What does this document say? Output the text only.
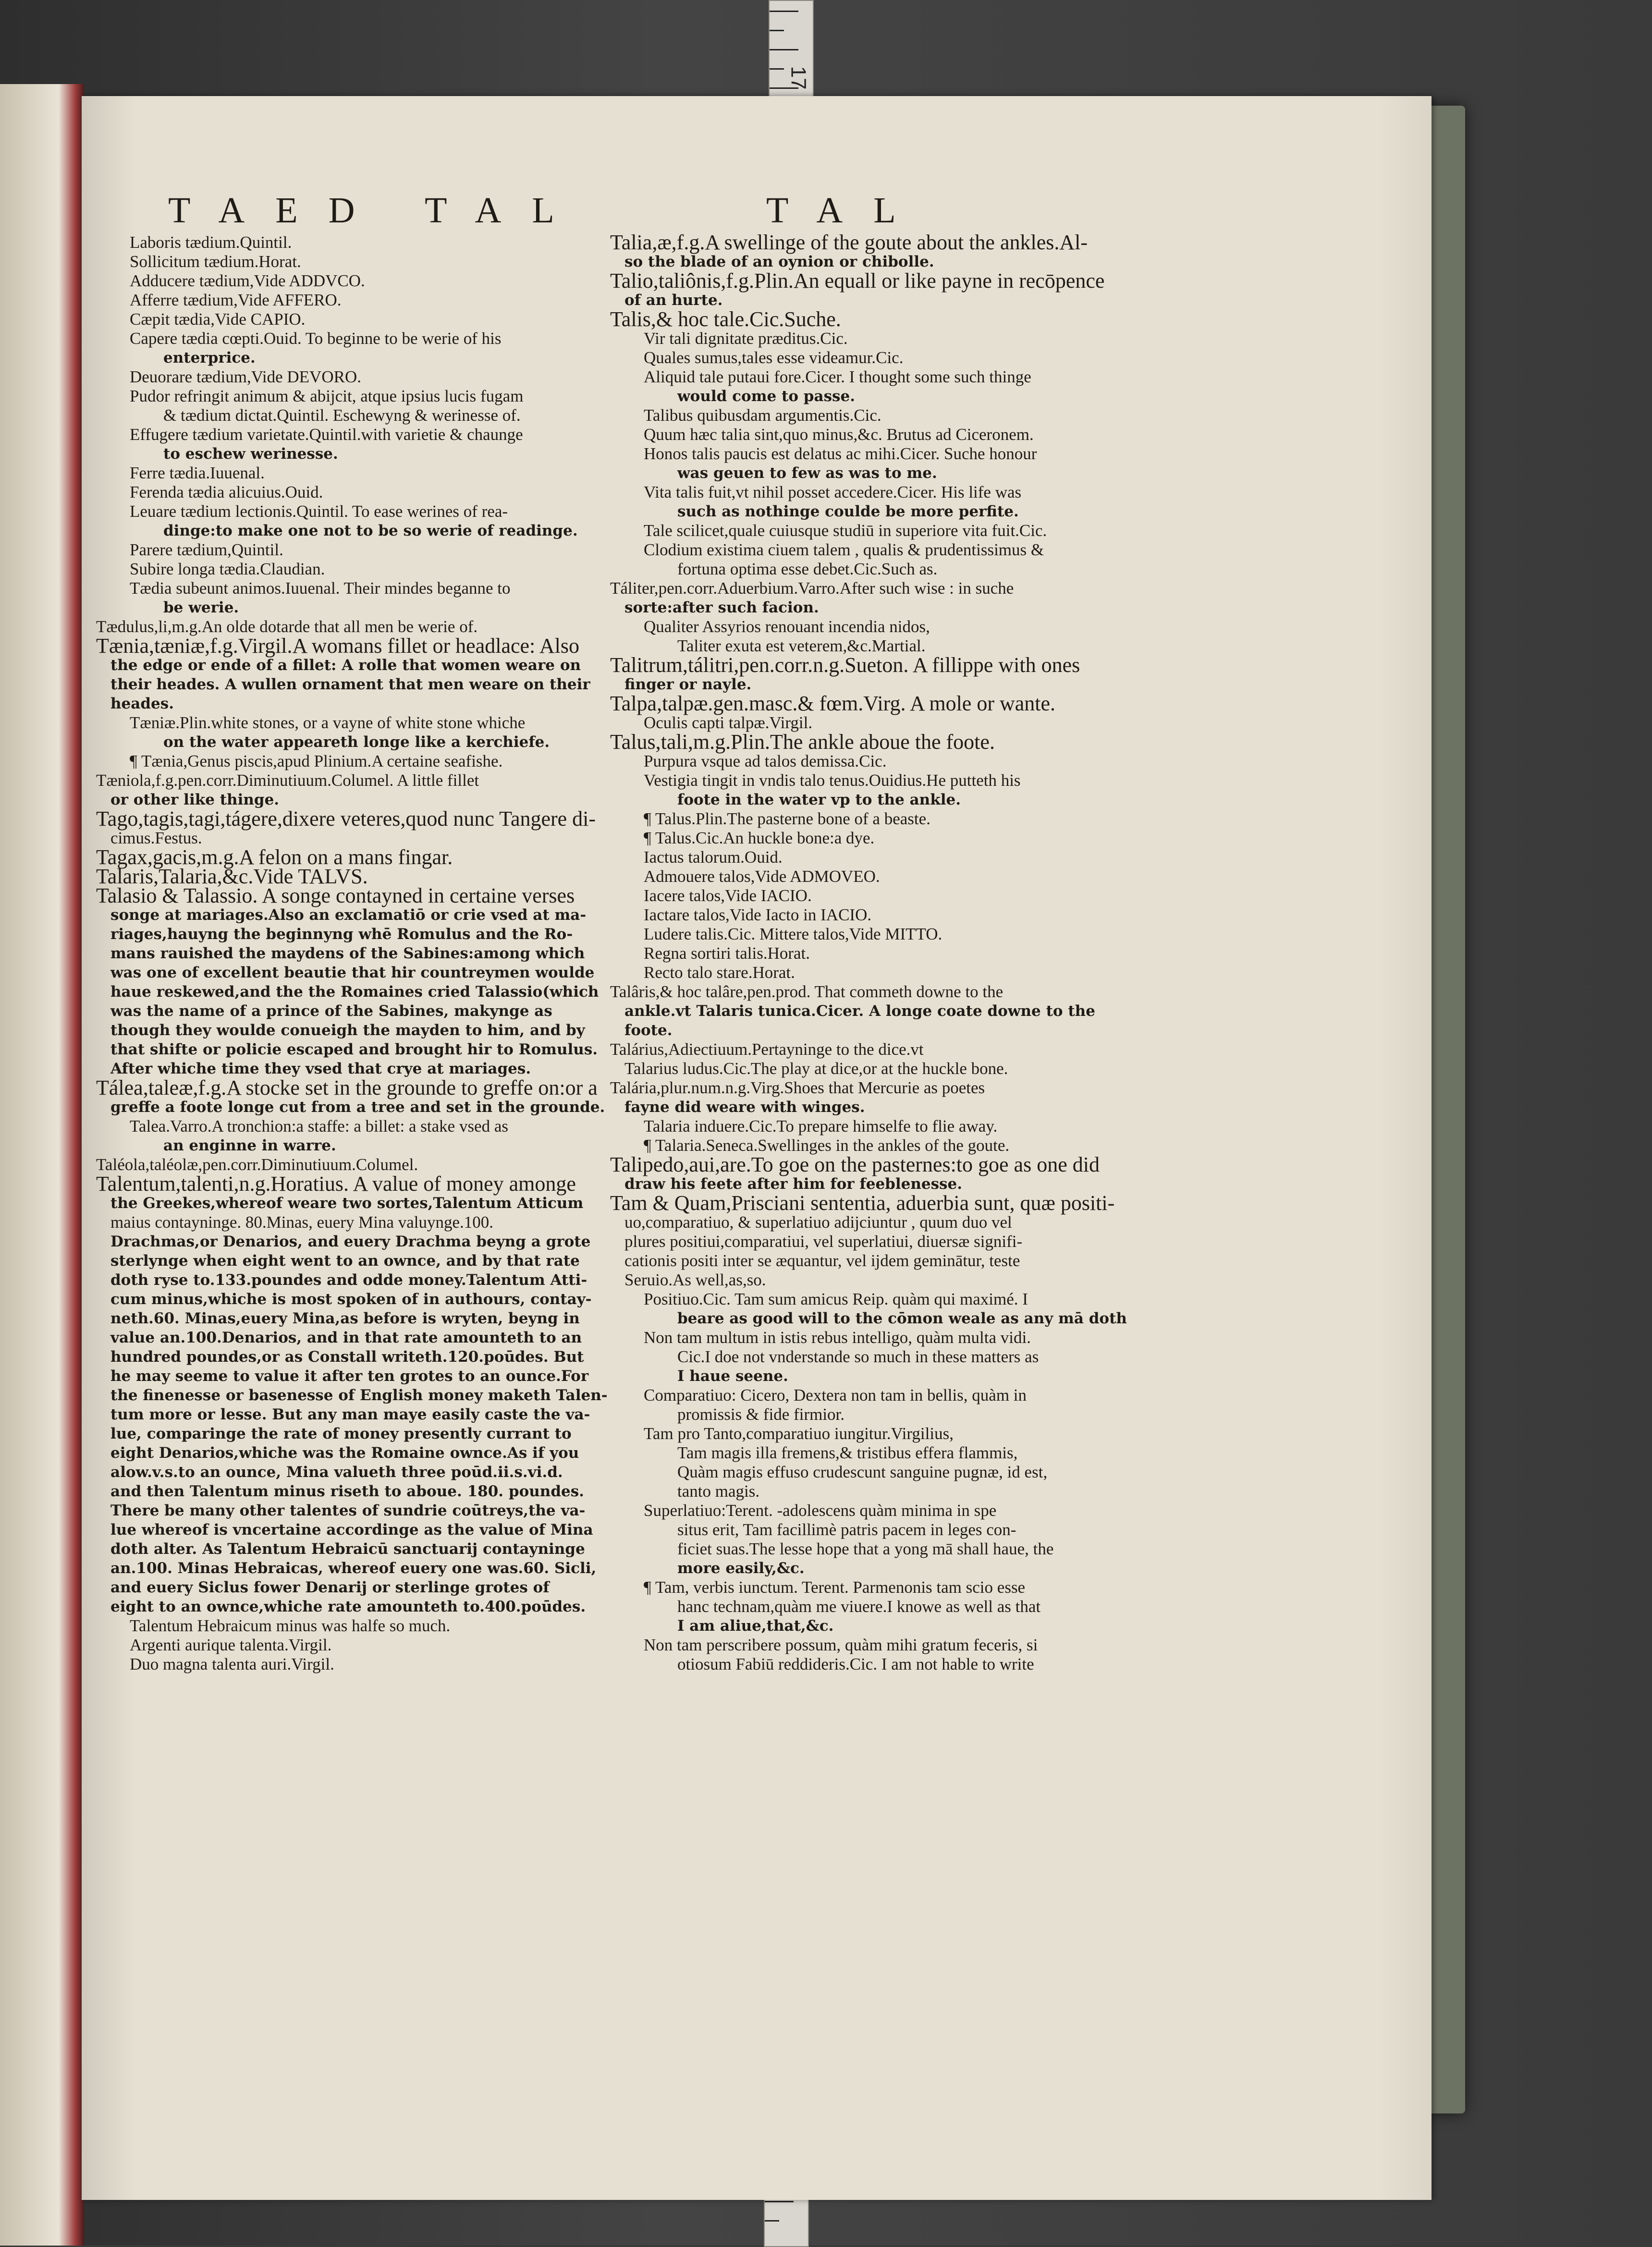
17
TAED TAL	TAL
Laboris tædium.Quintil.
Sollicitum tædium.Horat.
Adducere tædium,Vide ADDVCO.
Afferre tædium,Vide AFFERO.
Cæpit tædia,Vide CAPIO.
Capere tædia cœpti.Ouid. To beginne to be werie of his
enterprice.
Deuorare tædium,Vide DEVORO.
Pudor refringit animum & abijcit, atque ipsius lucis fugam
& tædium dictat.Quintil. Eschewyng & werinesse of.
Effugere tædium varietate.Quintil.with varietie & chaunge
to eschew werinesse.
Ferre tædia.Iuuenal.
Ferenda tædia alicuius.Ouid.
Leuare tædium lectionis.Quintil. To ease werines of rea-
dinge:to make one not to be so werie of readinge.
Parere tædium,Quintil.
Subire longa tædia.Claudian.
Tædia subeunt animos.Iuuenal. Their mindes beganne to
be werie.
Tædulus,li,m.g.An olde dotarde that all men be werie of.
Tænia,tæniæ,f.g.Virgil.A womans fillet or headlace: Also
the edge or ende of a fillet: A rolle that women weare on
their heades. A wullen ornament that men weare on their
heades.
Tæniæ.Plin.white stones, or a vayne of white stone whiche
on the water appeareth longe like a kerchiefe.
¶ Tænia,Genus piscis,apud Plinium.A certaine seafishe.
Tæniola,f.g.pen.corr.Diminutiuum.Columel. A little fillet
or other like thinge.
Tago,tagis,tagi,tágere,dixere veteres,quod nunc Tangere di-
cimus.Festus.
Tagax,gacis,m.g.A felon on a mans fingar.
Talaris,Talaria,&c.Vide TALVS.
Talasio & Talassio. A songe contayned in certaine verses
songe at mariages.Also an exclamatiō or crie vsed at ma-
riages,hauyng the beginnyng whē Romulus and the Ro-
mans rauished the maydens of the Sabines:among which
was one of excellent beautie that hir countreymen woulde
haue reskewed,and the the Romaines cried Talassio(which
was the name of a prince of the Sabines, makynge as
though they woulde conueigh the mayden to him, and by
that shifte or policie escaped and brought hir to Romulus.
After whiche time they vsed that crye at mariages.
Tálea,taleæ,f.g.A stocke set in the grounde to greffe on:or a
greffe a foote longe cut from a tree and set in the grounde.
Talea.Varro.A tronchion:a staffe: a billet: a stake vsed as
an enginne in warre.
Taléola,taléolæ,pen.corr.Diminutiuum.Columel.
Talentum,talenti,n.g.Horatius. A value of money amonge
the Greekes,whereof weare two sortes,Talentum Atticum
maius contayninge. 80.Minas, euery Mina valuynge.100.
Drachmas,or Denarios, and euery Drachma beyng a grote
sterlynge when eight went to an ownce, and by that rate
doth ryse to.133.poundes and odde money.Talentum Atti-
cum minus,whiche is most spoken of in authours, contay-
neth.60. Minas,euery Mina,as before is wryten, beyng in
value an.100.Denarios, and in that rate amounteth to an
hundred poundes,or as Constall writeth.120.poūdes. But
he may seeme to value it after ten grotes to an ounce.For
the finenesse or basenesse of English money maketh Talen-
tum more or lesse. But any man maye easily caste the va-
lue, comparinge the rate of money presently currant to
eight Denarios,whiche was the Romaine ownce.As if you
alow.v.s.to an ounce, Mina valueth three poūd.ii.s.vi.d.
and then Talentum minus riseth to aboue. 180. poundes.
There be many other talentes of sundrie coūtreys,the va-
lue whereof is vncertaine accordinge as the value of Mina
doth alter. As Talentum Hebraicū sanctuarij contayninge
an.100. Minas Hebraicas, whereof euery one was.60. Sicli,
and euery Siclus fower Denarij or sterlinge grotes of
eight to an ownce,whiche rate amounteth to.400.poūdes.
Talentum Hebraicum minus was halfe so much.
Argenti aurique talenta.Virgil.
Duo magna talenta auri.Virgil.
Talia,æ,f.g.A swellinge of the goute about the ankles.Al-
so the blade of an oynion or chibolle.
Talio,taliônis,f.g.Plin.An equall or like payne in recōpence
of an hurte.
Talis,& hoc tale.Cic.Suche.
Vir tali dignitate præditus.Cic.
Quales sumus,tales esse videamur.Cic.
Aliquid tale putaui fore.Cicer. I thought some such thinge
would come to passe.
Talibus quibusdam argumentis.Cic.
Quum hæc talia sint,quo minus,&c. Brutus ad Ciceronem.
Honos talis paucis est delatus ac mihi.Cicer. Suche honour
was geuen to few as was to me.
Vita talis fuit,vt nihil posset accedere.Cicer. His life was
such as nothinge coulde be more perfite.
Tale scilicet,quale cuiusque studiū in superiore vita fuit.Cic.
Clodium existima ciuem talem , qualis & prudentissimus &
fortuna optima esse debet.Cic.Such as.
Táliter,pen.corr.Aduerbium.Varro.After such wise : in suche
sorte:after such facion.
Qualiter Assyrios renouant incendia nidos,
Taliter exuta est veterem,&c.Martial.
Talitrum,tálitri,pen.corr.n.g.Sueton. A fillippe with ones
finger or nayle.
Talpa,talpæ.gen.masc.& fœm.Virg. A mole or wante.
Oculis capti talpæ.Virgil.
Talus,tali,m.g.Plin.The ankle aboue the foote.
Purpura vsque ad talos demissa.Cic.
Vestigia tingit in vndis talo tenus.Ouidius.He putteth his
foote in the water vp to the ankle.
¶ Talus.Plin.The pasterne bone of a beaste.
¶ Talus.Cic.An huckle bone:a dye.
Iactus talorum.Ouid.
Admouere talos,Vide ADMOVEO.
Iacere talos,Vide IACIO.
Iactare talos,Vide Iacto in IACIO.
Ludere talis.Cic. Mittere talos,Vide MITTO.
Regna sortiri talis.Horat.
Recto talo stare.Horat.
Talâris,& hoc talâre,pen.prod. That commeth downe to the
ankle.vt Talaris tunica.Cicer. A longe coate downe to the
foote.
Talárius,Adiectiuum.Pertayninge to the dice.vt
Talarius ludus.Cic.The play at dice,or at the huckle bone.
Talária,plur.num.n.g.Virg.Shoes that Mercurie as poetes
fayne did weare with winges.
Talaria induere.Cic.To prepare himselfe to flie away.
¶ Talaria.Seneca.Swellinges in the ankles of the goute.
Talipedo,aui,are.To goe on the pasternes:to goe as one did
draw his feete after him for feeblenesse.
Tam & Quam,Prisciani sententia, aduerbia sunt, quæ positi-
uo,comparatiuo, & superlatiuo adijciuntur , quum duo vel
plures positiui,comparatiui, vel superlatiui, diuersæ signifi-
cationis positi inter se æquantur, vel ijdem geminātur, teste
Seruio.As well,as,so.
Positiuo.Cic. Tam sum amicus Reip. quàm qui maximé. I
beare as good will to the cōmon weale as any mā doth
Non tam multum in istis rebus intelligo, quàm multa vidi.
Cic.I doe not vnderstande so much in these matters as
I haue seene.
Comparatiuo: Cicero, Dextera non tam in bellis, quàm in
promissis & fide firmior.
Tam pro Tanto,comparatiuo iungitur.Virgilius,
Tam magis illa fremens,& tristibus effera flammis,
Quàm magis effuso crudescunt sanguine pugnæ, id est,
tanto magis.
Superlatiuo:Terent. -adolescens quàm minima in spe
situs erit, Tam facillimè patris pacem in leges con-
ficiet suas.The lesse hope that a yong mā shall haue, the
more easily,&c.
¶ Tam, verbis iunctum. Terent. Parmenonis tam scio esse
hanc technam,quàm me viuere.I knowe as well as that
I am aliue,that,&c.
Non tam perscribere possum, quàm mihi gratum feceris, si
otiosum Fabiū reddideris.Cic. I am not hable to write
